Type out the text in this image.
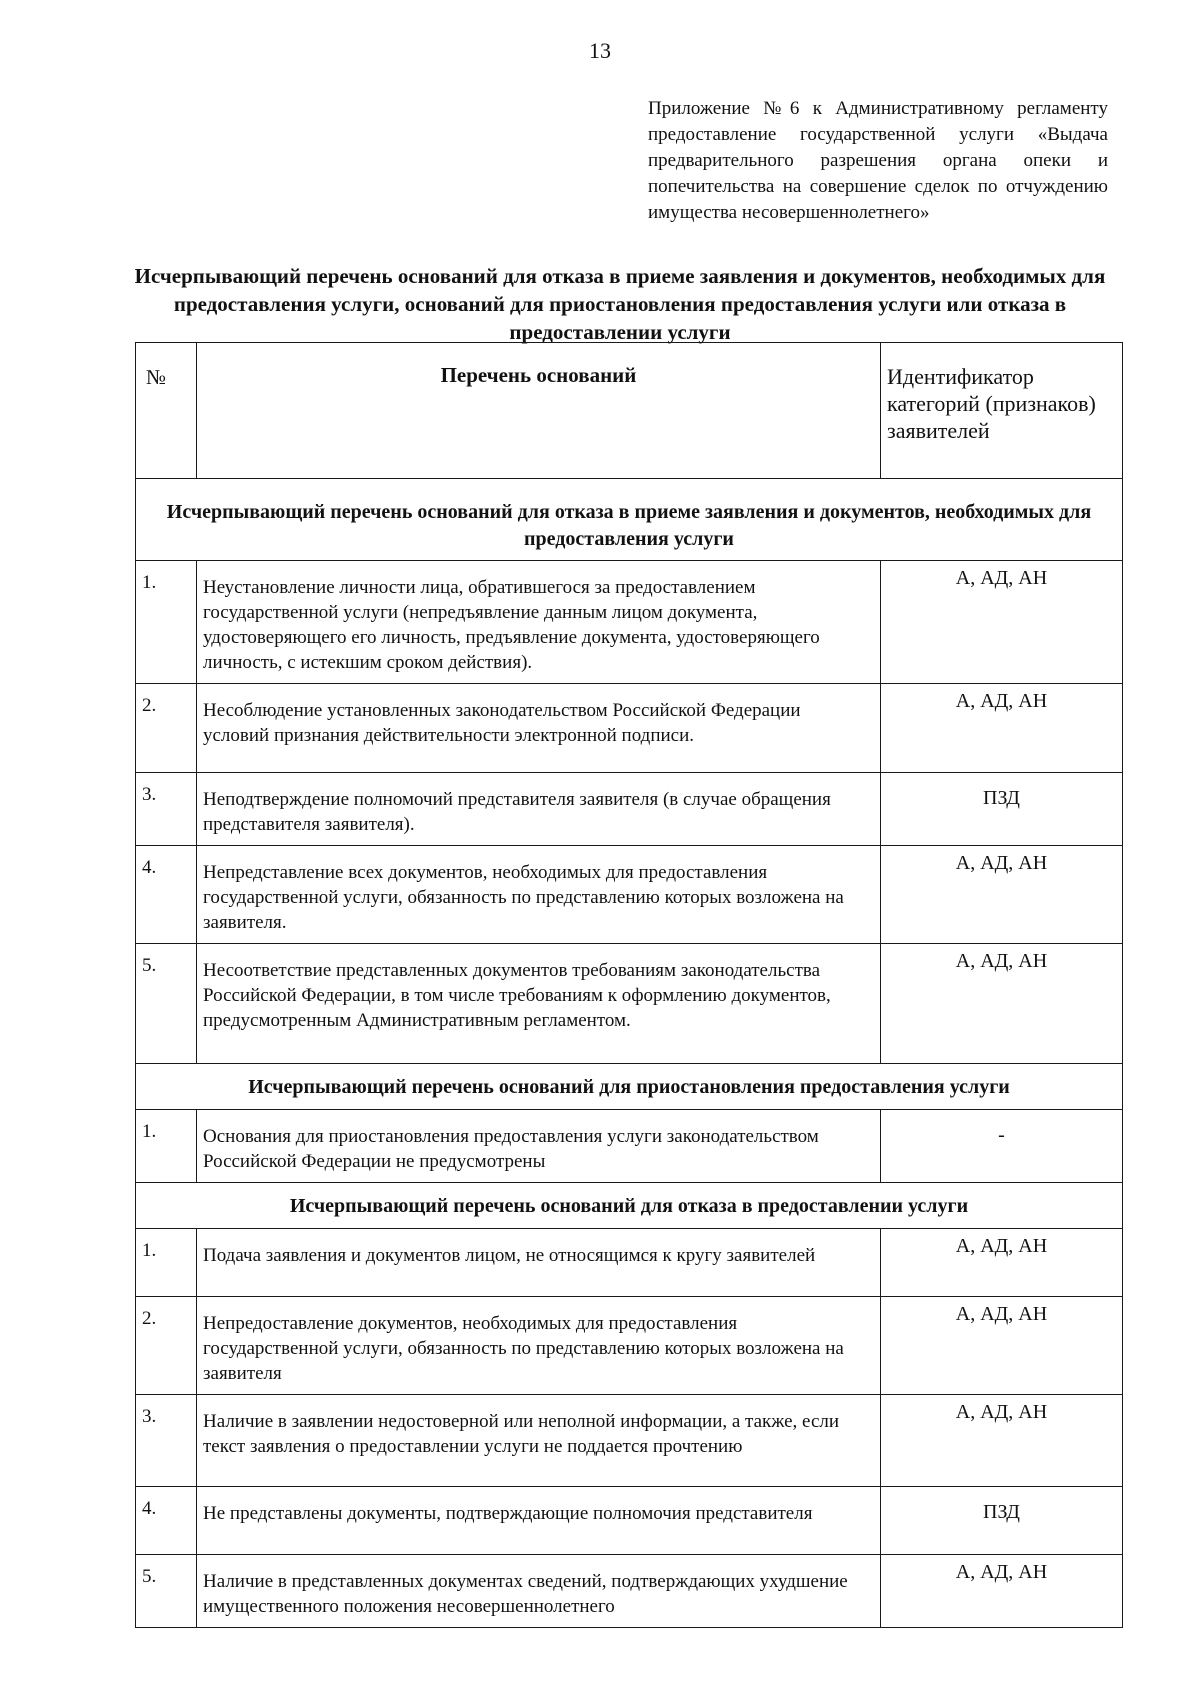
13
Приложение №6 к Административному регламенту предоставление государственной услуги «Выдача предварительного разрешения органа опеки и попечительства на совершение сделок по отчуждению имущества несовершеннолетнего»
Исчерпывающий перечень оснований для отказа в приеме заявления и документов, необходимых для предоставления услуги, оснований для приостановления предоставления услуги или отказа в предоставлении услуги
№	Перечень оснований	Идентификатор категорий (признаков) заявителей
Исчерпывающий перечень оснований для отказа в приеме заявления и документов, необходимых для предоставления услуги		
1.	Неустановление личности лица, обратившегося за предоставлением государственной услуги (непредъявление данным лицом документа, удостоверяющего его личность, предъявление документа, удостоверяющего личность, с истекшим сроком действия).	А, АД, АН
2.	Несоблюдение установленных законодательством Российской Федерации условий признания действительности электронной подписи.	А, АД, АН
3.	Неподтверждение полномочий представителя заявителя (в случае обращения представителя заявителя).	ПЗД
4.	Непредставление всех документов, необходимых для предоставления государственной услуги, обязанность по представлению которых возложена на заявителя.	А, АД, АН
5.	Несоответствие представленных документов требованиям законодательства Российской Федерации, в том числе требованиям к оформлению документов, предусмотренным Административным регламентом.	А, АД, АН
Исчерпывающий перечень оснований для приостановления предоставления услуги		
1.	Основания для приостановления предоставления услуги законодательством Российской Федерации не предусмотрены	-
Исчерпывающий перечень оснований для отказа в предоставлении услуги		
1.	Подача заявления и документов лицом, не относящимся к кругу заявителей	А, АД, АН
2.	Непредоставление документов, необходимых для предоставления государственной услуги, обязанность по представлению которых возложена на заявителя	А, АД, АН
3.	Наличие в заявлении недостоверной или неполной информации, а также, если текст заявления о предоставлении услуги не поддается прочтению	А, АД, АН
4.	Не представлены документы, подтверждающие полномочия представителя	ПЗД
5.	Наличие в представленных документах сведений, подтверждающих ухудшение имущественного положения несовершеннолетнего	А, АД, АН
